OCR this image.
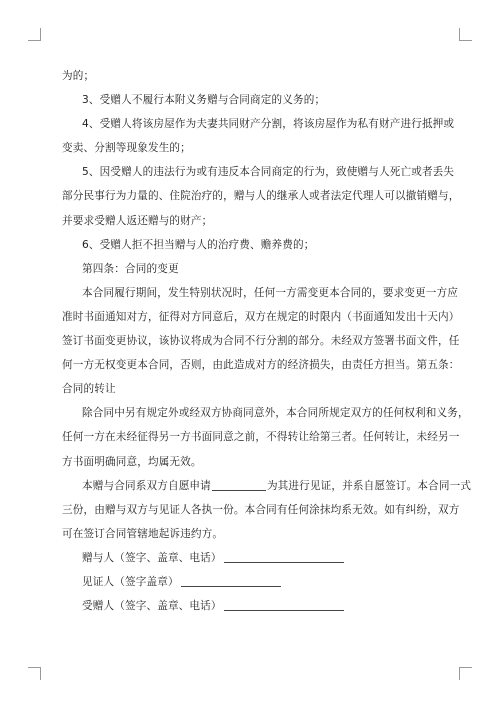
为的；
3、受赠人不履行本附义务赠与合同商定的义务的；
4、受赠人将该房屋作为夫妻共同财产分割，将该房屋作为私有财产进行抵押或
变卖、分割等现象发生的；
5、因受赠人的违法行为或有违反本合同商定的行为，致使赠与人死亡或者丢失
部分民事行为力量的、住院治疗的，赠与人的继承人或者法定代理人可以撤销赠与，
并要求受赠人返还赠与的财产；
6、受赠人拒不担当赠与人的治疗费、赡养费的；
第四条：合同的变更
本合同履行期间，发生特别状况时，任何一方需变更本合同的，要求变更一方应
准时书面通知对方，征得对方同意后，双方在规定的时限内（书面通知发出十天内）
签订书面变更协议，该协议将成为合同不行分割的部分。未经双方签署书面文件，任
何一方无权变更本合同，否则，由此造成对方的经济损失，由责任方担当。第五条：
合同的转让
除合同中另有规定外或经双方协商同意外，本合同所规定双方的任何权利和义务，
任何一方在未经征得另一方书面同意之前，不得转让给第三者。任何转让，未经另一
方书面明确同意，均属无效。
本赠与合同系双方自愿申请	为其进行见证，并系自愿签订。本合同一式
三份，由赠与双方与见证人各执一份。本合同有任何涂抹均系无效。如有纠纷，双方
可在签订合同管辖地起诉违约方。
赠与人（签字、盖章、电话）
见证人（签字盖章）
受赠人（签字、盖章、电话）
